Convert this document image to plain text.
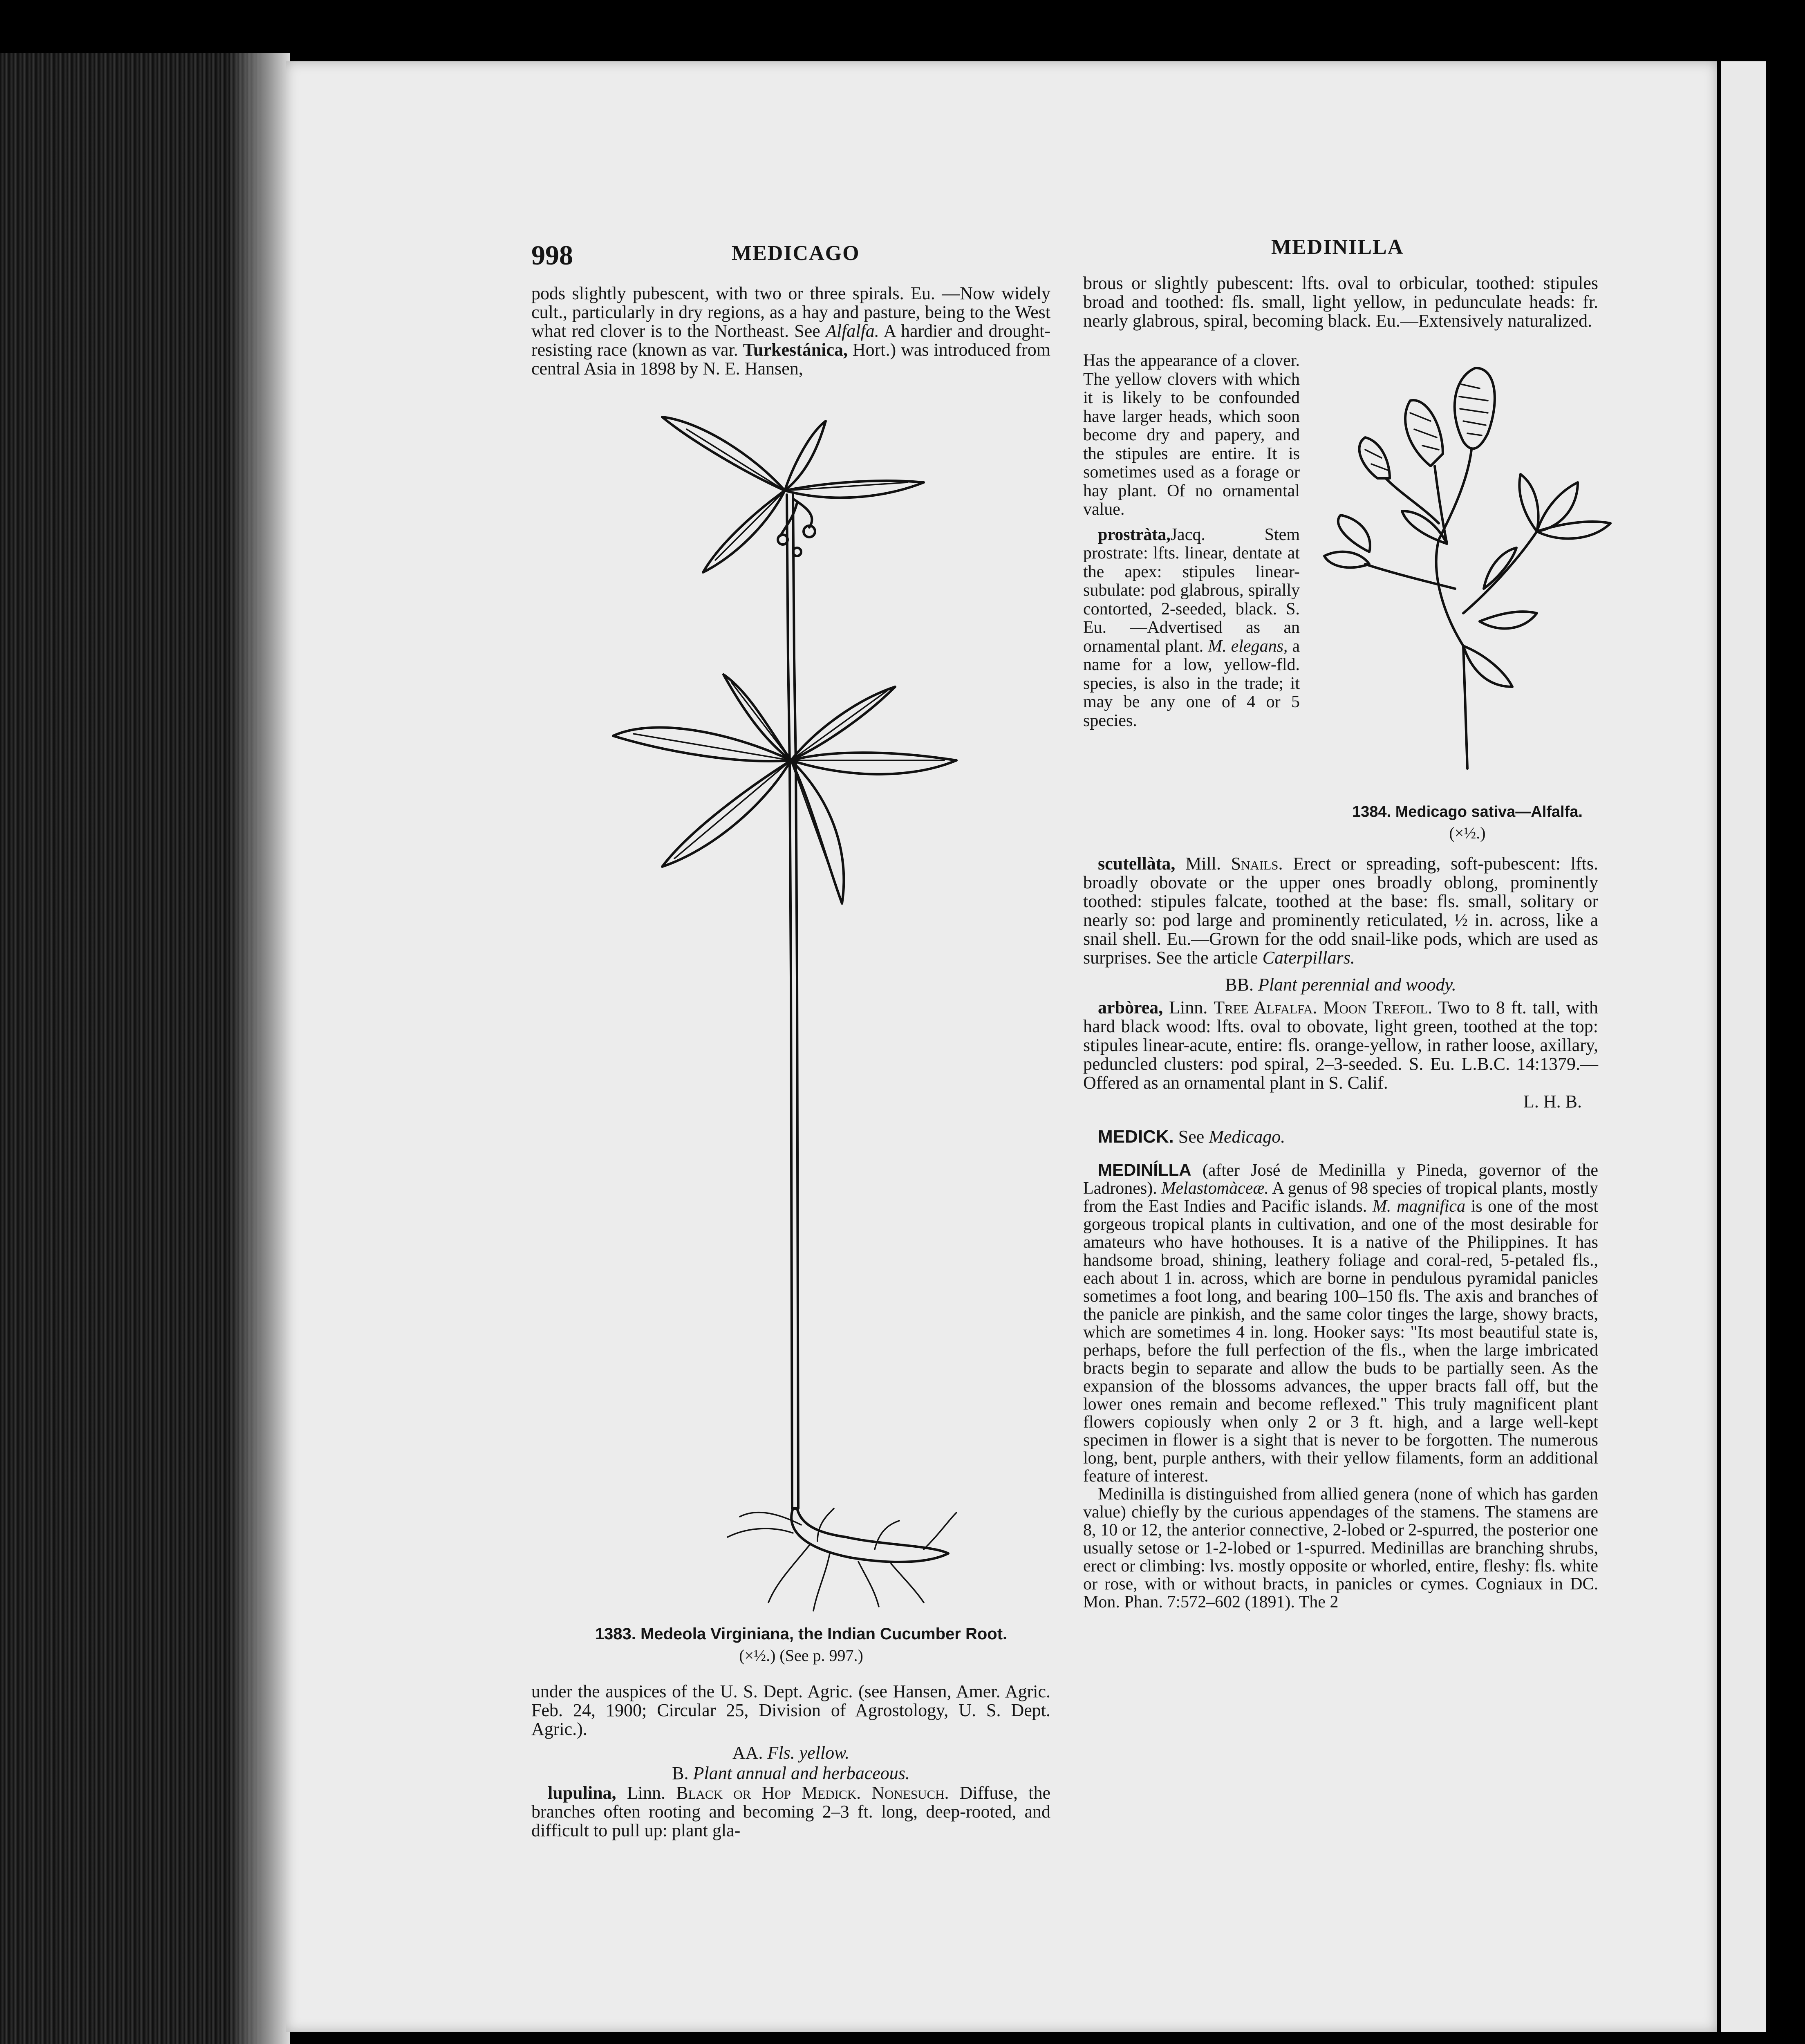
998	MEDICAGO	MEDINILLA

pods slightly pubescent, with two or three spirals. Eu. —Now widely cult., particularly in dry regions, as a hay and pasture, being to the West what red clover is to the Northeast. See Alfalfa. A hardier and drought-resisting race (known as var. Turkestánica, Hort.) was introduced from central Asia in 1898 by N. E. Hansen,

1383. Medeola Virginiana, the Indian Cucumber Root.
(×½.) (See p. 997.)

under the auspices of the U. S. Dept. Agric. (see Hansen, Amer. Agric. Feb. 24, 1900; Circular 25, Division of Agrostology, U. S. Dept. Agric.).

AA. Fls. yellow.
B. Plant annual and herbaceous.

lupulina, Linn. Black or Hop Medick. Nonesuch. Diffuse, the branches often rooting and becoming 2–3 ft. long, deep-rooted, and difficult to pull up: plant gla-

brous or slightly pubescent: lfts. oval to orbicular, toothed: stipules broad and toothed: fls. small, light yellow, in pedunculate heads: fr. nearly glabrous, spiral, becoming black. Eu.—Extensively naturalized.

Has the appearance of a clover. The yellow clovers with which it is likely to be confounded have larger heads, which soon become dry and papery, and the stipules are entire. It is sometimes used as a forage or hay plant. Of no ornamental value.

prostràta,Jacq. Stem prostrate: lfts. linear, dentate at the apex: stipules linear-subulate: pod glabrous, spirally contorted, 2-seeded, black. S. Eu. —Advertised as an ornamental plant. M. elegans, a name for a low, yellow-fld. species, is also in the trade; it may be any one of 4 or 5 species.

1384. Medicago sativa—Alfalfa.
(×½.)

scutellàta, Mill. Snails. Erect or spreading, soft-pubescent: lfts. broadly obovate or the upper ones broadly oblong, prominently toothed: stipules falcate, toothed at the base: fls. small, solitary or nearly so: pod large and prominently reticulated, ½ in. across, like a snail shell. Eu.—Grown for the odd snail-like pods, which are used as surprises. See the article Caterpillars.

BB. Plant perennial and woody.

arbòrea, Linn. Tree Alfalfa. Moon Trefoil. Two to 8 ft. tall, with hard black wood: lfts. oval to obovate, light green, toothed at the top: stipules linear-acute, entire: fls. orange-yellow, in rather loose, axillary, peduncled clusters: pod spiral, 2–3-seeded. S. Eu. L.B.C. 14:1379.—Offered as an ornamental plant in S. Calif.

L. H. B.

MEDICK. See Medicago.

MEDINÍLLA (after José de Medinilla y Pineda, governor of the Ladrones). Melastomàceæ. A genus of 98 species of tropical plants, mostly from the East Indies and Pacific islands. M. magnifica is one of the most gorgeous tropical plants in cultivation, and one of the most desirable for amateurs who have hothouses. It is a native of the Philippines. It has handsome broad, shining, leathery foliage and coral-red, 5-petaled fls., each about 1 in. across, which are borne in pendulous pyramidal panicles sometimes a foot long, and bearing 100–150 fls. The axis and branches of the panicle are pinkish, and the same color tinges the large, showy bracts, which are sometimes 4 in. long. Hooker says: "Its most beautiful state is, perhaps, before the full perfection of the fls., when the large imbricated bracts begin to separate and allow the buds to be partially seen. As the expansion of the blossoms advances, the upper bracts fall off, but the lower ones remain and become reflexed." This truly magnificent plant flowers copiously when only 2 or 3 ft. high, and a large well-kept specimen in flower is a sight that is never to be forgotten. The numerous long, bent, purple anthers, with their yellow filaments, form an additional feature of interest.

Medinilla is distinguished from allied genera (none of which has garden value) chiefly by the curious appendages of the stamens. The stamens are 8, 10 or 12, the anterior connective, 2-lobed or 2-spurred, the posterior one usually setose or 1-2-lobed or 1-spurred. Medinillas are branching shrubs, erect or climbing: lvs. mostly opposite or whorled, entire, fleshy: fls. white or rose, with or without bracts, in panicles or cymes. Cogniaux in DC. Mon. Phan. 7:572–602 (1891). The 2
